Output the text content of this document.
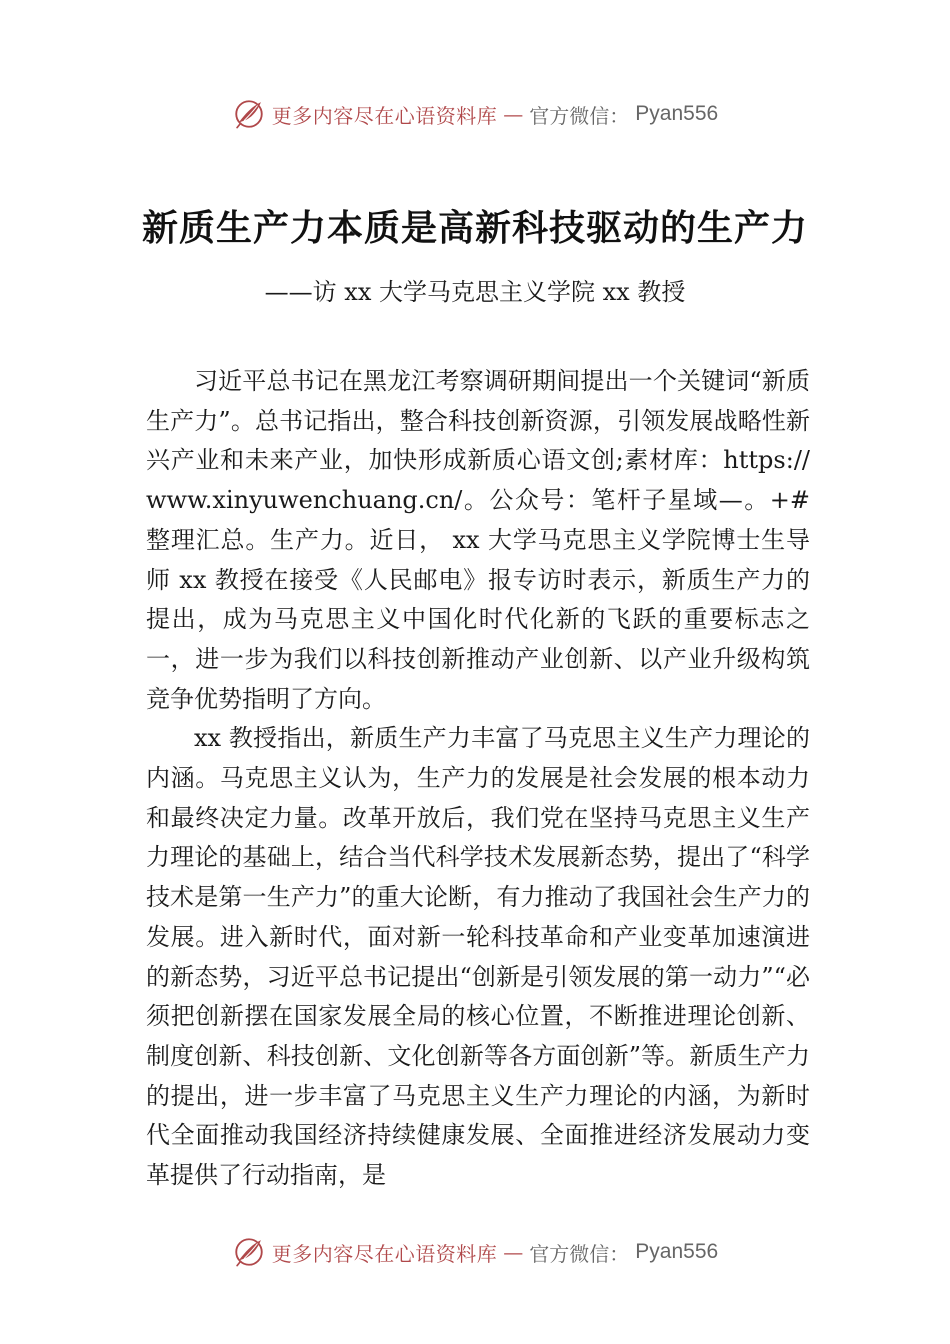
更多内容尽在心语资料库 — 官方微信： Pyan556
新质生产力本质是高新科技驱动的生产力

——访 xx 大学马克思主义学院 xx 教授

习近平总书记在黑龙江考察调研期间提出一个关键词“新质生产力”。总书记指出，整合科技创新资源，引领发展战略性新兴产业和未来产业，加快形成新质心语文创;素材库：https://www.xinyuwenchuang.cn/。公众号：笔杆子星域—。+#整理汇总。生产力。近日， xx 大学马克思主义学院博士生导师 xx 教授在接受《人民邮电》报专访时表示，新质生产力的提出，成为马克思主义中国化时代化新的飞跃的重要标志之一，进一步为我们以科技创新推动产业创新、以产业升级构筑竞争优势指明了方向。

xx 教授指出，新质生产力丰富了马克思主义生产力理论的内涵。马克思主义认为，生产力的发展是社会发展的根本动力和最终决定力量。改革开放后，我们党在坚持马克思主义生产力理论的基础上，结合当代科学技术发展新态势，提出了“科学技术是第一生产力”的重大论断，有力推动了我国社会生产力的发展。进入新时代，面对新一轮科技革命和产业变革加速演进的新态势，习近平总书记提出“创新是引领发展的第一动力”“必须把创新摆在国家发展全局的核心位置，不断推进理论创新、制度创新、科技创新、文化创新等各方面创新”等。新质生产力的提出，进一步丰富了马克思主义生产力理论的内涵，为新时代全面推动我国经济持续健康发展、全面推进经济发展动力变革提供了行动指南，是

更多内容尽在心语资料库 — 官方微信： Pyan556
